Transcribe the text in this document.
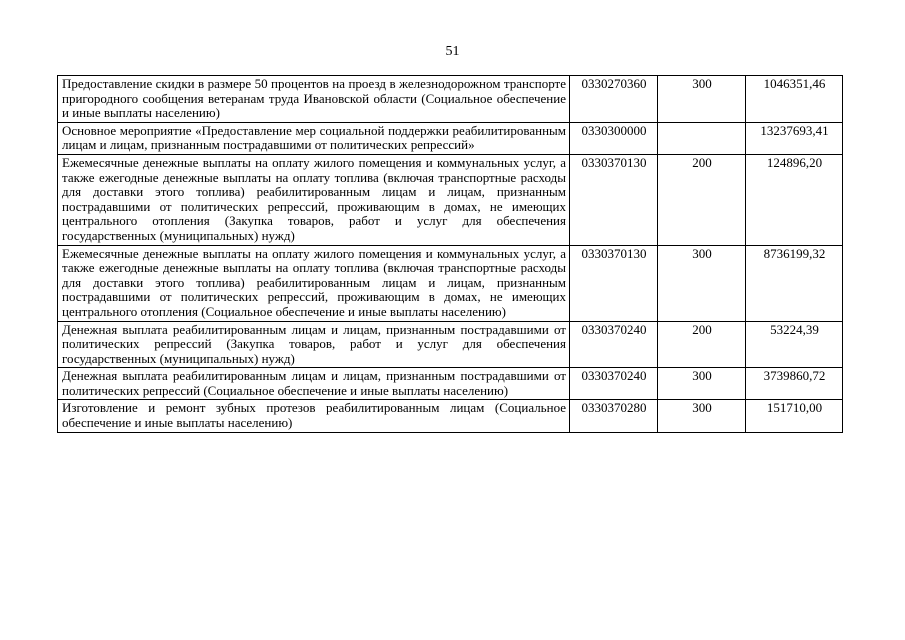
51
Предоставление скидки в размере 50 процентов на проезд в железнодорожном транспорте пригородного сообщения ветеранам труда Ивановской области (Социальное обеспечение и иные выплаты населению)	0330270360	300	1046351,46
Основное мероприятие «Предоставление мер социальной поддержки реабилитированным лицам и лицам, признанным пострадавшими от политических репрессий»	0330300000		13237693,41
Ежемесячные денежные выплаты на оплату жилого помещения и коммунальных услуг, а также ежегодные денежные выплаты на оплату топлива (включая транспортные расходы для доставки этого топлива) реабилитированным лицам и лицам, признанным пострадавшими от политических репрессий, проживающим в домах, не имеющих центрального отопления (Закупка товаров, работ и услуг для обеспечения государственных (муниципальных) нужд)	0330370130	200	124896,20
Ежемесячные денежные выплаты на оплату жилого помещения и коммунальных услуг, а также ежегодные денежные выплаты на оплату топлива (включая транспортные расходы для доставки этого топлива) реабилитированным лицам и лицам, признанным пострадавшими от политических репрессий, проживающим в домах, не имеющих центрального отопления (Социальное обеспечение и иные выплаты населению)	0330370130	300	8736199,32
Денежная выплата реабилитированным лицам и лицам, признанным пострадавшими от политических репрессий (Закупка товаров, работ и услуг для обеспечения государственных (муниципальных) нужд)	0330370240	200	53224,39
Денежная выплата реабилитированным лицам и лицам, признанным пострадавшими от политических репрессий (Социальное обеспечение и иные выплаты населению)	0330370240	300	3739860,72
Изготовление и ремонт зубных протезов реабилитированным лицам (Социальное обеспечение и иные выплаты населению)	0330370280	300	151710,00
